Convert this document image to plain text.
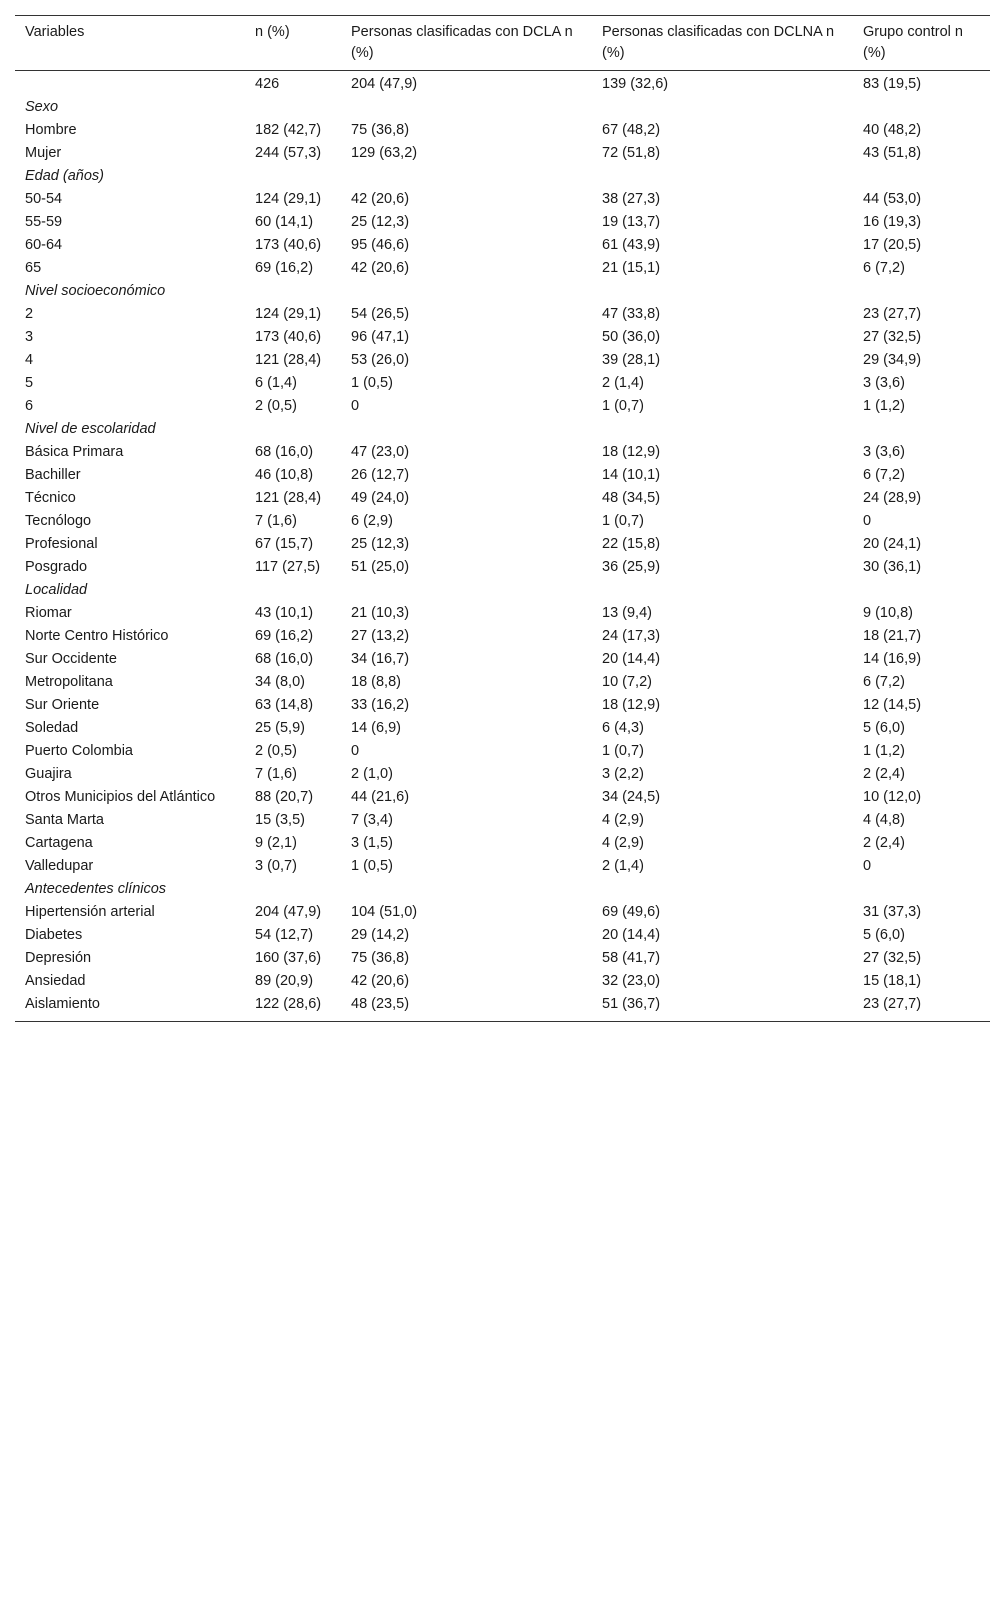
Variables	n (%)	Personas clasificadas con DCLA n (%)	Personas clasificadas con DCLNA n (%)	Grupo control n (%)
	426	204 (47,9)	139 (32,6)	83 (19,5)
Sexo				
Hombre	182 (42,7)	75 (36,8)	67 (48,2)	40 (48,2)
Mujer	244 (57,3)	129 (63,2)	72 (51,8)	43 (51,8)
Edad (años)				
50-54	124 (29,1)	42 (20,6)	38 (27,3)	44 (53,0)
55-59	60 (14,1)	25 (12,3)	19 (13,7)	16 (19,3)
60-64	173 (40,6)	95 (46,6)	61 (43,9)	17 (20,5)
65	69 (16,2)	42 (20,6)	21 (15,1)	6 (7,2)
Nivel socioeconómico				
2	124 (29,1)	54 (26,5)	47 (33,8)	23 (27,7)
3	173 (40,6)	96 (47,1)	50 (36,0)	27 (32,5)
4	121 (28,4)	53 (26,0)	39 (28,1)	29 (34,9)
5	6 (1,4)	1 (0,5)	2 (1,4)	3 (3,6)
6	2 (0,5)	0	1 (0,7)	1 (1,2)
Nivel de escolaridad				
Básica Primara	68 (16,0)	47 (23,0)	18 (12,9)	3 (3,6)
Bachiller	46 (10,8)	26 (12,7)	14 (10,1)	6 (7,2)
Técnico	121 (28,4)	49 (24,0)	48 (34,5)	24 (28,9)
Tecnólogo	7 (1,6)	6 (2,9)	1 (0,7)	0
Profesional	67 (15,7)	25 (12,3)	22 (15,8)	20 (24,1)
Posgrado	117 (27,5)	51 (25,0)	36 (25,9)	30 (36,1)
Localidad				
Riomar	43 (10,1)	21 (10,3)	13 (9,4)	9 (10,8)
Norte Centro Histórico	69 (16,2)	27 (13,2)	24 (17,3)	18 (21,7)
Sur Occidente	68 (16,0)	34 (16,7)	20 (14,4)	14 (16,9)
Metropolitana	34 (8,0)	18 (8,8)	10 (7,2)	6 (7,2)
Sur Oriente	63 (14,8)	33 (16,2)	18 (12,9)	12 (14,5)
Soledad	25 (5,9)	14 (6,9)	6 (4,3)	5 (6,0)
Puerto Colombia	2 (0,5)	0	1 (0,7)	1 (1,2)
Guajira	7 (1,6)	2 (1,0)	3 (2,2)	2 (2,4)
Otros Municipios del Atlántico	88 (20,7)	44 (21,6)	34 (24,5)	10 (12,0)
Santa Marta	15 (3,5)	7 (3,4)	4 (2,9)	4 (4,8)
Cartagena	9 (2,1)	3 (1,5)	4 (2,9)	2 (2,4)
Valledupar	3 (0,7)	1 (0,5)	2 (1,4)	0
Antecedentes clínicos				
Hipertensión arterial	204 (47,9)	104 (51,0)	69 (49,6)	31 (37,3)
Diabetes	54 (12,7)	29 (14,2)	20 (14,4)	5 (6,0)
Depresión	160 (37,6)	75 (36,8)	58 (41,7)	27 (32,5)
Ansiedad	89 (20,9)	42 (20,6)	32 (23,0)	15 (18,1)
Aislamiento	122 (28,6)	48 (23,5)	51 (36,7)	23 (27,7)
